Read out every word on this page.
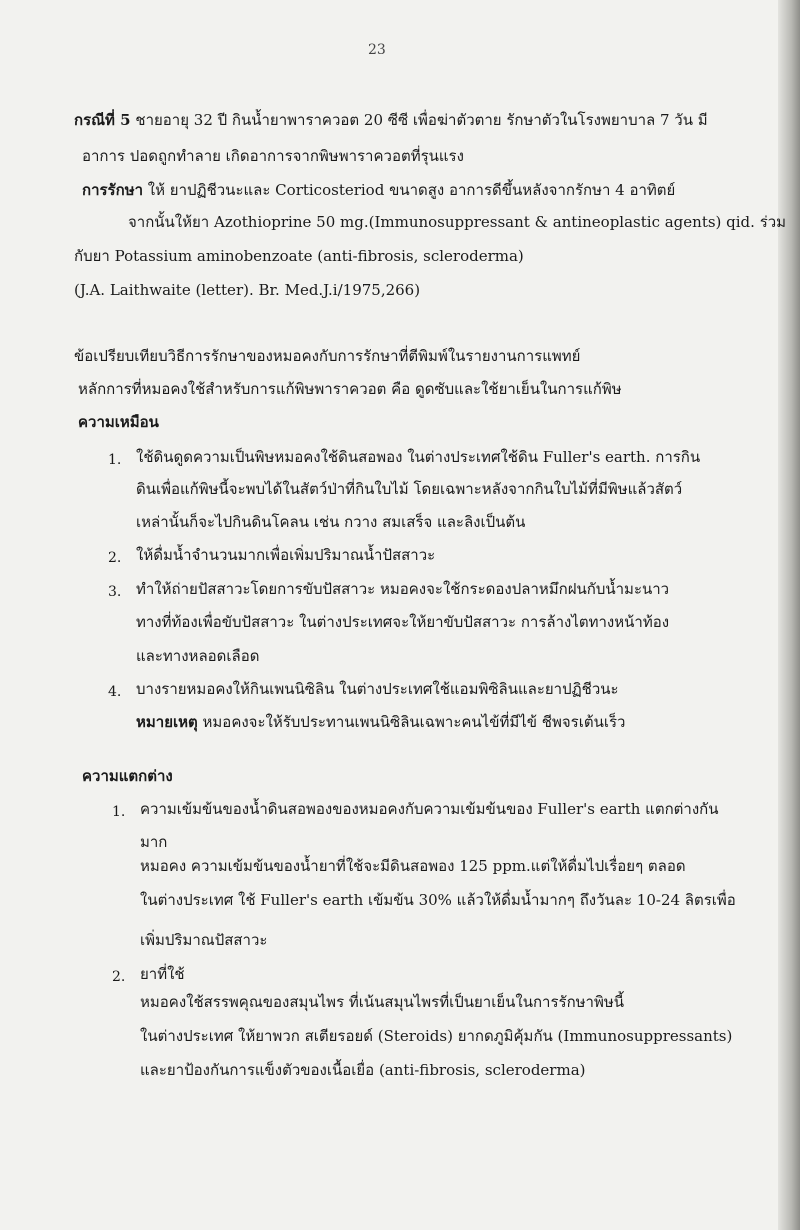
23
กรณีที่ 5 ชายอายุ 32 ปี กินน้ำยาพาราควอต 20 ซีซี เพื่อฆ่าตัวตาย รักษาตัวในโรงพยาบาล 7 วัน มี
อาการ ปอดถูกทำลาย เกิดอาการจากพิษพาราควอตที่รุนแรง
การรักษา ให้ ยาปฏิชีวนะและ Corticosteriod ขนาดสูง อาการดีขึ้นหลังจากรักษา 4 อาทิตย์
จากนั้นให้ยา Azothioprine 50 mg.(Immunosuppressant & antineoplastic agents) qid. ร่วม
กับยา Potassium aminobenzoate (anti-fibrosis, scleroderma)
(J.A. Laithwaite (letter). Br. Med.J.i/1975,266)
ข้อเปรียบเทียบวิธีการรักษาของหมอคงกับการรักษาที่ตีพิมพ์ในรายงานการแพทย์
หลักการที่หมอคงใช้สำหรับการแก้พิษพาราควอต คือ ดูดซับและใช้ยาเย็นในการแก้พิษ
ความเหมือน
1. ใช้ดินดูดความเป็นพิษหมอคงใช้ดินสอพอง ในต่างประเทศใช้ดิน Fuller's earth. การกิน
ดินเพื่อแก้พิษนี้จะพบได้ในสัตว์ป่าที่กินใบไม้ โดยเฉพาะหลังจากกินใบไม้ที่มีพิษแล้วสัตว์
เหล่านั้นก็จะไปกินดินโคลน เช่น กวาง สมเสร็จ และลิงเป็นต้น
2. ให้ดื่มน้ำจำนวนมากเพื่อเพิ่มปริมาณน้ำปัสสาวะ
3. ทำให้ถ่ายปัสสาวะโดยการขับปัสสาวะ หมอคงจะใช้กระดองปลาหมึกฝนกับน้ำมะนาว
ทางที่ท้องเพื่อขับปัสสาวะ ในต่างประเทศจะให้ยาขับปัสสาวะ การล้างไตทางหน้าท้อง
และทางหลอดเลือด
4. บางรายหมอคงให้กินเพนนิซิลิน ในต่างประเทศใช้แอมพิซิลินและยาปฏิชีวนะ
หมายเหตุ หมอคงจะให้รับประทานเพนนิซิลินเฉพาะคนไข้ที่มีไข้ ชีพจรเต้นเร็ว
ความแตกต่าง
1. ความเข้มข้นของน้ำดินสอพองของหมอคงกับความเข้มข้นของ Fuller's earth แตกต่างกัน
มาก
หมอคง ความเข้มข้นของน้ำยาที่ใช้จะมีดินสอพอง 125 ppm.แต่ให้ดื่มไปเรื่อยๆ ตลอด
ในต่างประเทศ ใช้ Fuller's earth เข้มข้น 30% แล้วให้ดื่มน้ำมากๆ ถึงวันละ 10-24 ลิตรเพื่อ
เพิ่มปริมาณปัสสาวะ
2. ยาที่ใช้
หมอคงใช้สรรพคุณของสมุนไพร ที่เน้นสมุนไพรที่เป็นยาเย็นในการรักษาพิษนี้
ในต่างประเทศ ให้ยาพวก สเตียรอยด์ (Steroids) ยากดภูมิคุ้มกัน (Immunosuppressants)
และยาป้องกันการแข็งตัวของเนื้อเยื่อ (anti-fibrosis, scleroderma)
